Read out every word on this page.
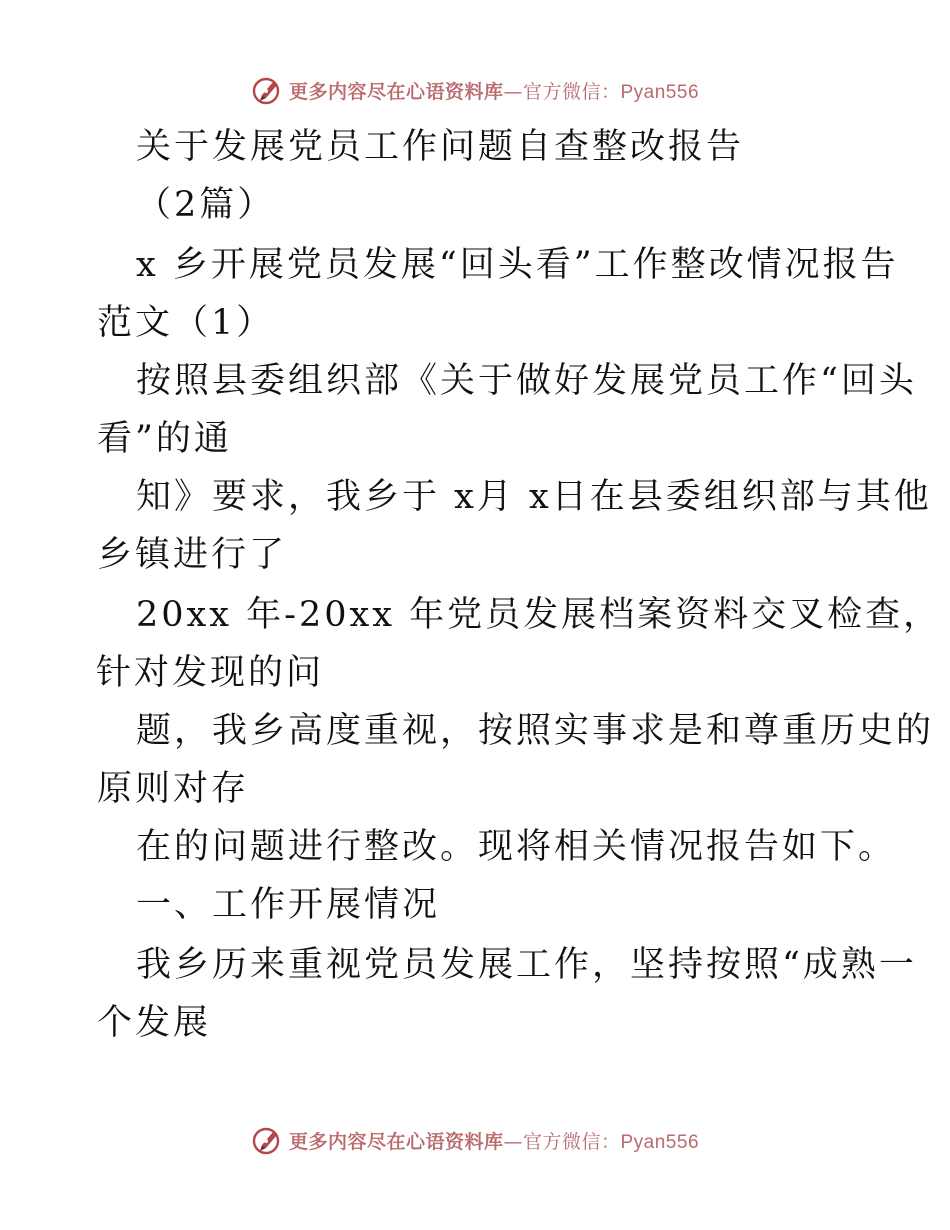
更多内容尽在心语资料库—官方微信：Pyan556
关于发展党员工作问题自查整改报告
（2篇）
x 乡开展党员发展“回头看”工作整改情况报告
范文（1）
按照县委组织部《关于做好发展党员工作“回头
看”的通
知》要求，我乡于 x月 x日在县委组织部与其他
乡镇进行了
20xx 年-20xx 年党员发展档案资料交叉检查，
针对发现的问
题，我乡高度重视，按照实事求是和尊重历史的
原则对存
在的问题进行整改。现将相关情况报告如下。
一、工作开展情况
我乡历来重视党员发展工作，坚持按照“成熟一
个发展
更多内容尽在心语资料库—官方微信：Pyan556
